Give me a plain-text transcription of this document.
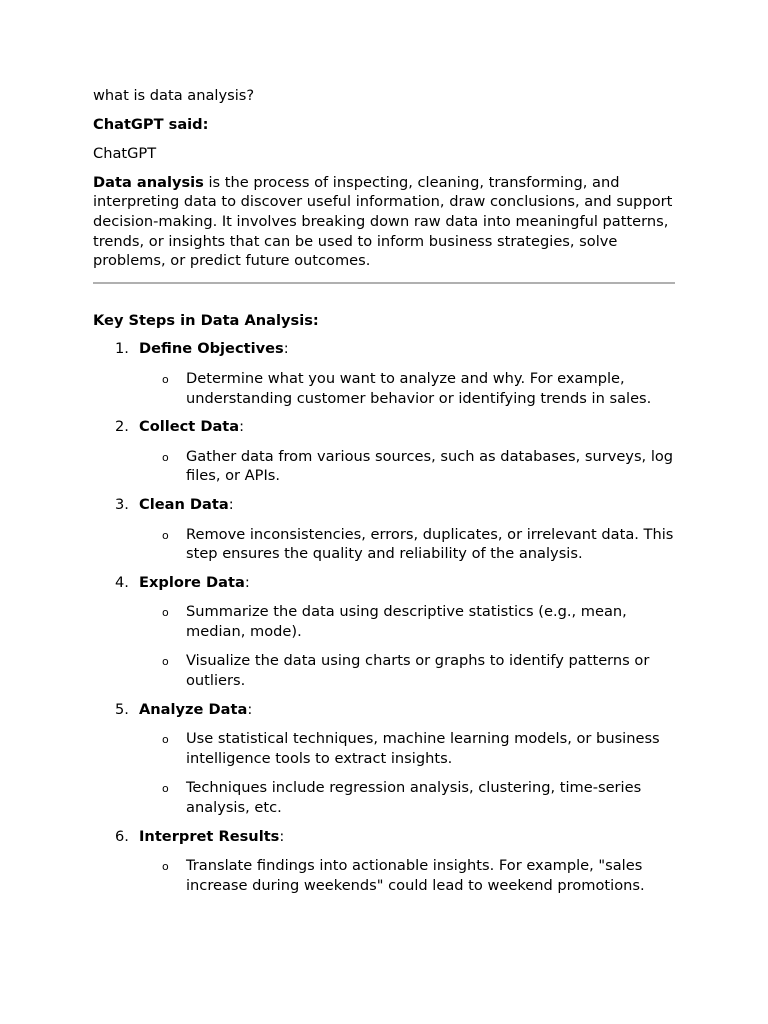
what is data analysis?

ChatGPT said:

ChatGPT

Data analysis is the process of inspecting, cleaning, transforming, and interpreting data to discover useful information, draw conclusions, and support decision-making. It involves breaking down raw data into meaningful patterns, trends, or insights that can be used to inform business strategies, solve problems, or predict future outcomes.

Key Steps in Data Analysis:

1. Define Objectives:

o Determine what you want to analyze and why. For example, understanding customer behavior or identifying trends in sales.
2. Collect Data:

o Gather data from various sources, such as databases, surveys, log files, or APIs.
3. Clean Data:

o Remove inconsistencies, errors, duplicates, or irrelevant data. This step ensures the quality and reliability of the analysis.
4. Explore Data:

o Summarize the data using descriptive statistics (e.g., mean, median, mode).
o Visualize the data using charts or graphs to identify patterns or outliers.
5. Analyze Data:

o Use statistical techniques, machine learning models, or business intelligence tools to extract insights.
o Techniques include regression analysis, clustering, time-series analysis, etc.
6. Interpret Results:

o Translate findings into actionable insights. For example, "sales increase during weekends" could lead to weekend promotions.
